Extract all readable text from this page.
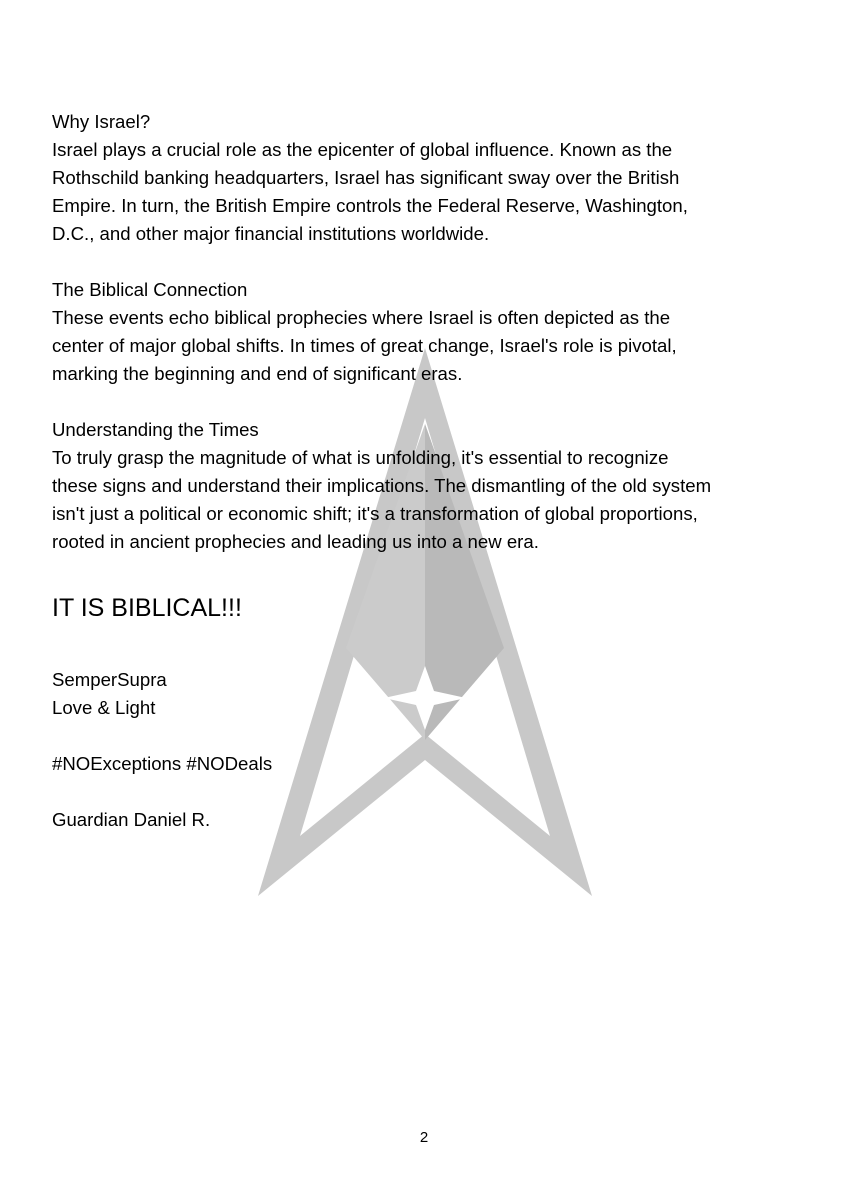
Why Israel?

Israel plays a crucial role as the epicenter of global influence. Known as the
Rothschild banking headquarters, Israel has significant sway over the British
Empire. In turn, the British Empire controls the Federal Reserve, Washington,
D.C., and other major financial institutions worldwide.

The Biblical Connection

These events echo biblical prophecies where Israel is often depicted as the
center of major global shifts. In times of great change, Israel's role is pivotal,
marking the beginning and end of significant eras.

Understanding the Times

To truly grasp the magnitude of what is unfolding, it's essential to recognize
these signs and understand their implications. The dismantling of the old system
isn't just a political or economic shift; it's a transformation of global proportions,
rooted in ancient prophecies and leading us into a new era.

IT IS BIBLICAL!!!

SemperSupra

Love & Light

#NOExceptions #NODeals

Guardian Daniel R.

2
